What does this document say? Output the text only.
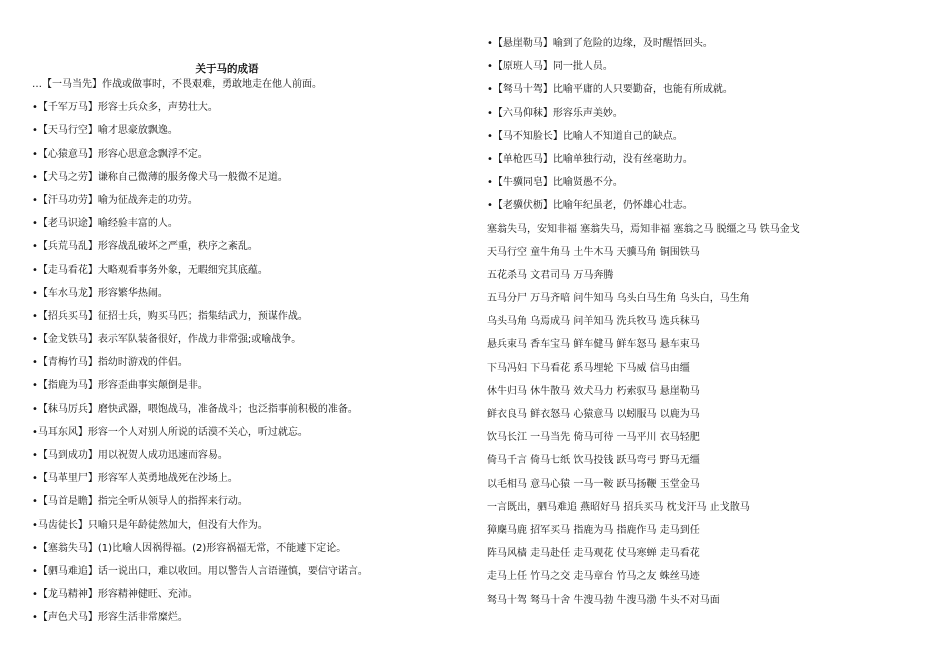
关于马的成语
…【一马当先】作战或做事时，不畏艰难，勇敢地走在他人前面。
•【千军万马】形容士兵众多，声势壮大。
•【天马行空】喻才思豪放飘逸。
•【心猿意马】形容心思意念飘浮不定。
•【犬马之劳】谦称自己微薄的服务像犬马一般微不足道。
•【汗马功劳】喻为征战奔走的功劳。
•【老马识途】喻经验丰富的人。
•【兵荒马乱】形容战乱破坏之严重，秩序之紊乱。
•【走马看花】大略观看事务外象，无暇细究其底蕴。
•【车水马龙】形容繁华热闹。
•【招兵买马】征招士兵，购买马匹；指集结武力，预谋作战。
•【金戈铁马】表示军队装备很好，作战力非常强;或喻战争。
•【青梅竹马】指幼时游戏的伴侣。
•【指鹿为马】形容歪曲事实颠倒是非。
•【秣马厉兵】磨快武器，喂饱战马，准备战斗；也泛指事前积极的准备。
•马耳东风】形容一个人对别人所说的话漠不关心，听过就忘。
•【马到成功】用以祝贺人成功迅速而容易。
•【马革里尸】形容军人英勇地战死在沙场上。
•【马首是瞻】指完全听从领导人的指挥来行动。
•马齿徒长】只喻只是年龄徒然加大，但没有大作为。
•【塞翁失马】(1)比喻人因祸得福。(2)形容祸福无常，不能遽下定论。
•【驷马难追】话一说出口，难以收回。用以警告人言语谨慎，要信守诺言。
•【龙马精神】形容精神健旺、充沛。
•【声色犬马】形容生活非常糜烂。
•【悬崖勒马】喻到了危险的边缘，及时醒悟回头。
•【原班人马】同一批人员。
•【驽马十驾】比喻平庸的人只要勤奋，也能有所成就。
•【六马仰秣】形容乐声美妙。
•【马不知脸长】比喻人不知道自己的缺点。
•【单枪匹马】比喻单独行动，没有丝毫助力。
•【牛骥同皂】比喻贤愚不分。
•【老骥伏枥】比喻年纪虽老，仍怀雄心壮志。
塞翁失马，安知非福 塞翁失马，焉知非福 塞翁之马 脱缰之马 铁马金戈
天马行空 童牛角马 土牛木马 天骥马角 铜围铁马
五花杀马 文君司马 万马奔腾
五马分尸 万马齐喑 问牛知马 乌头白马生角 乌头白，马生角
乌头马角 乌焉成马 问羊知马 洗兵牧马 选兵秣马
悬兵束马 香车宝马 鲜车健马 鲜车怒马 悬车束马
下马冯妇 下马看花 系马埋轮 下马威 信马由缰
休牛归马 休牛散马 效犬马力 朽索驭马 悬崖勒马
鲜衣良马 鲜衣怒马 心猿意马 以蚓服马 以鹿为马
饮马长江 一马当先 倚马可待 一马平川 衣马轻肥
倚马千言 倚马七纸 饮马投钱 跃马弯弓 野马无缰
以毛相马 意马心猿 一马一鞍 跃马扬鞭 玉堂金马
一言既出，驷马难追 燕昭好马 招兵买马 枕戈汗马 止戈散马
獐麇马鹿 招军买马 指鹿为马 指鹿作马 走马到任
阵马风樯 走马赴任 走马观花 仗马寒蝉 走马看花
走马上任 竹马之交 走马章台 竹马之友 蛛丝马迹
驽马十驾 驽马十舍 牛溲马勃 牛溲马渤 牛头不对马面
